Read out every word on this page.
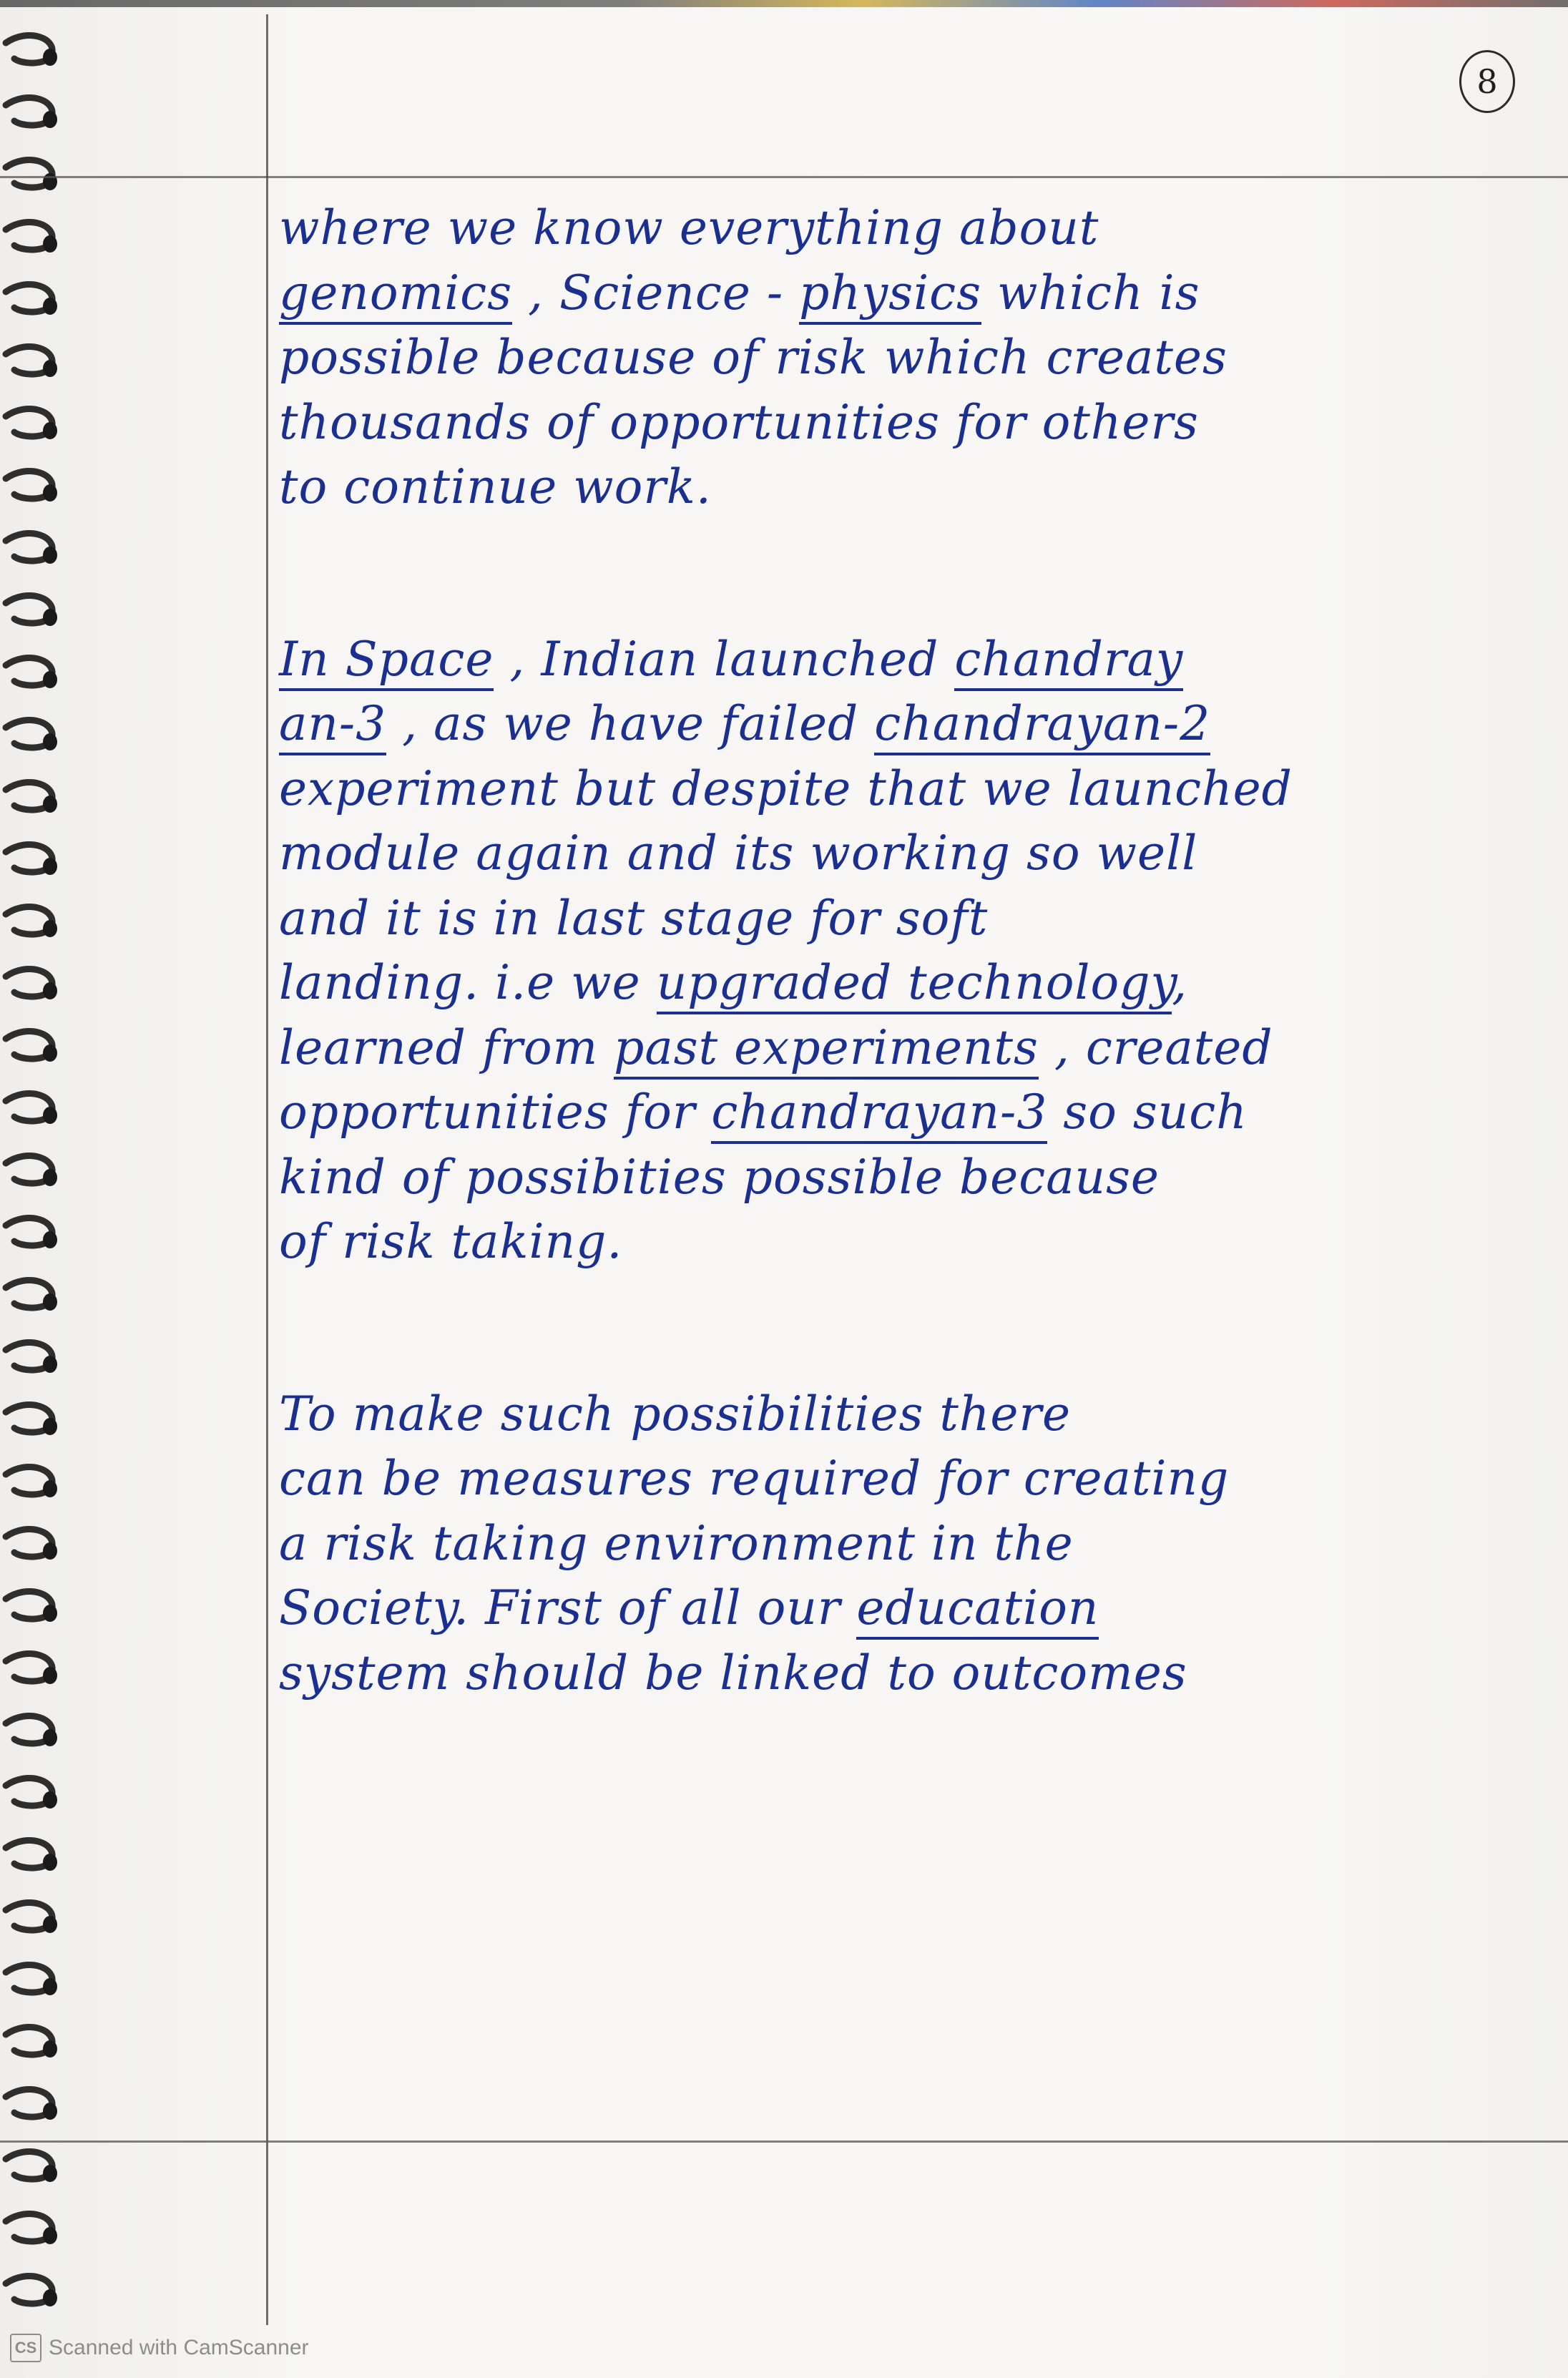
8
where we know everything about
genomics , Science - physics which is
possible because of risk which creates
thousands of opportunities for others
to continue work.
In Space , Indian launched chandray
an-3 , as we have failed chandrayan-2
experiment but despite that we launched
module again and its working so well
and it is in last stage for soft
landing. i.e we upgraded technology,
learned from past experiments , created
opportunities for chandrayan-3 so such
kind of possibities possible because
of risk taking.
To make such possibilities there
can be measures required for creating
a risk taking environment in the
Society. First of all our education
system should be linked to outcomes
CS Scanned with CamScanner
